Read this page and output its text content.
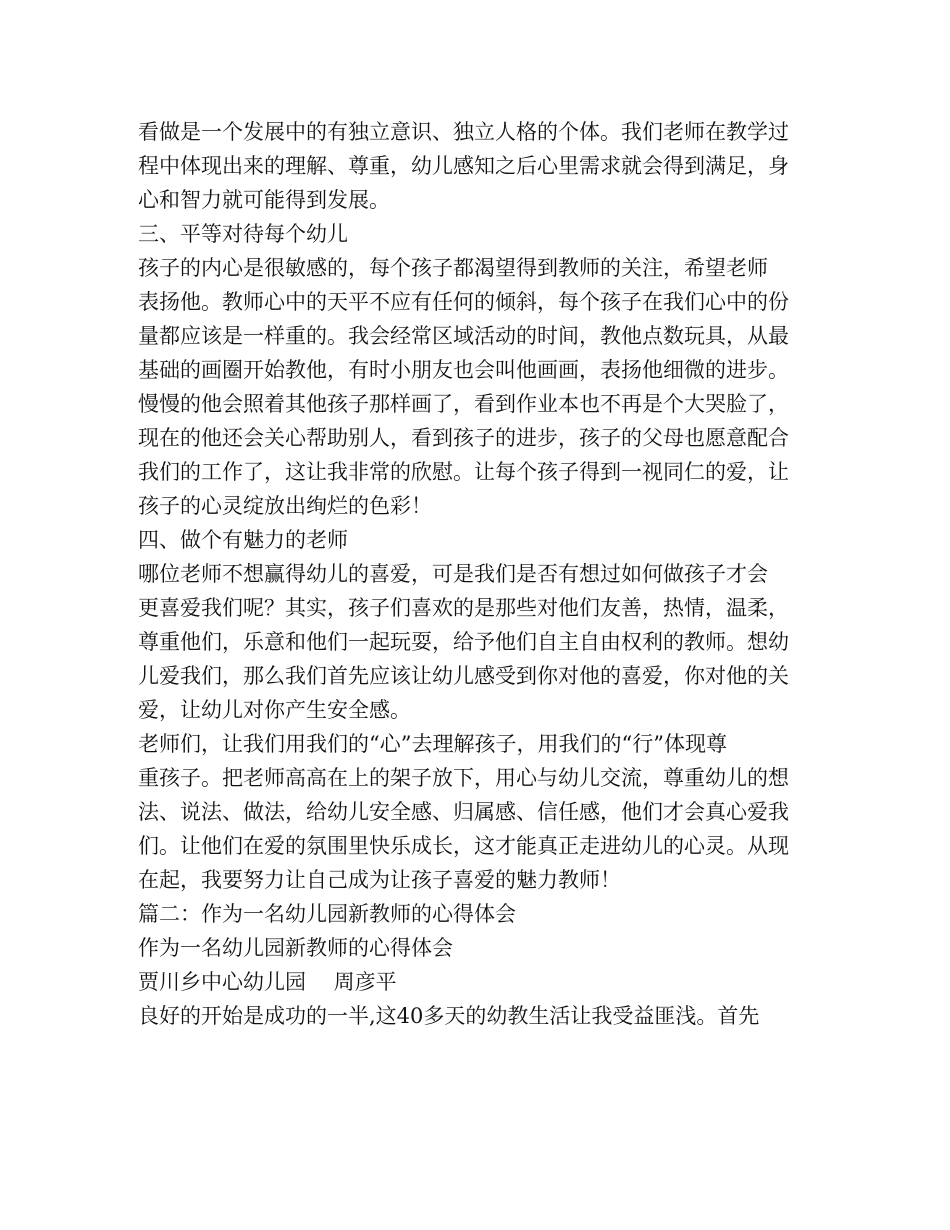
看做是一个发展中的有独立意识、独立人格的个体。我们老师在教学过
程中体现出来的理解、尊重，幼儿感知之后心里需求就会得到满足，身
心和智力就可能得到发展。
三、平等对待每个幼儿
孩子的内心是很敏感的，每个孩子都渴望得到教师的关注，希望老师
表扬他。教师心中的天平不应有任何的倾斜，每个孩子在我们心中的份
量都应该是一样重的。我会经常区域活动的时间，教他点数玩具，从最
基础的画圈开始教他，有时小朋友也会叫他画画，表扬他细微的进步。
慢慢的他会照着其他孩子那样画了，看到作业本也不再是个大哭脸了，
现在的他还会关心帮助别人，看到孩子的进步，孩子的父母也愿意配合
我们的工作了，这让我非常的欣慰。让每个孩子得到一视同仁的爱，让
孩子的心灵绽放出绚烂的色彩！
四、做个有魅力的老师
哪位老师不想赢得幼儿的喜爱，可是我们是否有想过如何做孩子才会
更喜爱我们呢？其实，孩子们喜欢的是那些对他们友善，热情，温柔，
尊重他们，乐意和他们一起玩耍，给予他们自主自由权利的教师。想幼
儿爱我们，那么我们首先应该让幼儿感受到你对他的喜爱，你对他的关
爱，让幼儿对你产生安全感。
老师们，让我们用我们的“心”去理解孩子，用我们的“行”体现尊
重孩子。把老师高高在上的架子放下，用心与幼儿交流，尊重幼儿的想
法、说法、做法，给幼儿安全感、归属感、信任感，他们才会真心爱我
们。让他们在爱的氛围里快乐成长，这才能真正走进幼儿的心灵。从现
在起，我要努力让自己成为让孩子喜爱的魅力教师！
篇二：作为一名幼儿园新教师的心得体会
作为一名幼儿园新教师的心得体会
贾川乡中心幼儿园　 周彦平
良好的开始是成功的一半,这40多天的幼教生活让我受益匪浅。首先
